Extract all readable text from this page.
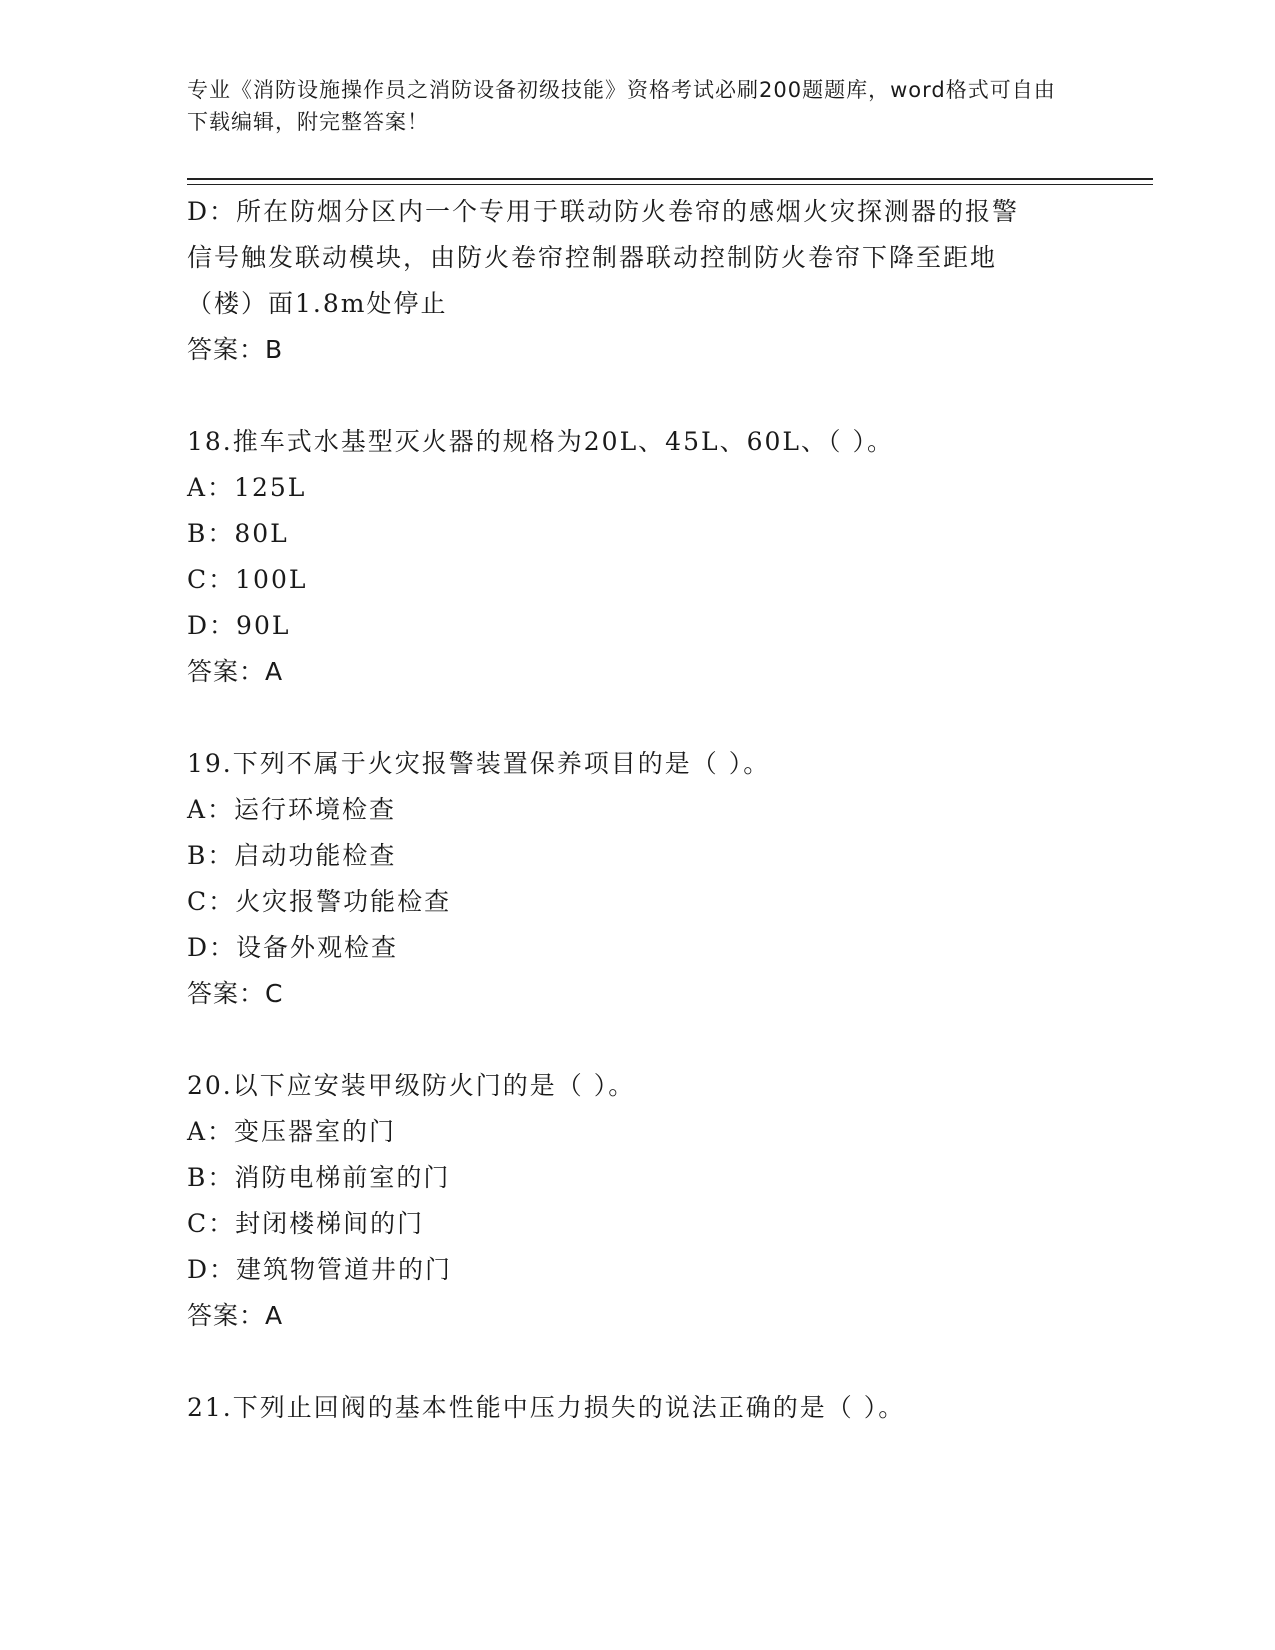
专业《消防设施操作员之消防设备初级技能》资格考试必刷200题题库，word格式可自由下载编辑，附完整答案！
D：所在防烟分区内一个专用于联动防火卷帘的感烟火灾探测器的报警
信号触发联动模块，由防火卷帘控制器联动控制防火卷帘下降至距地
（楼）面1.8m处停止
答案：B
18.推车式水基型灭火器的规格为20L、45L、60L、（ ）。
A：125L
B：80L
C：100L
D：90L
答案：A
19.下列不属于火灾报警装置保养项目的是（ ）。
A：运行环境检查
B：启动功能检查
C：火灾报警功能检查
D：设备外观检查
答案：C
20.以下应安装甲级防火门的是（ ）。
A：变压器室的门
B：消防电梯前室的门
C：封闭楼梯间的门
D：建筑物管道井的门
答案：A
21.下列止回阀的基本性能中压力损失的说法正确的是（ ）。
